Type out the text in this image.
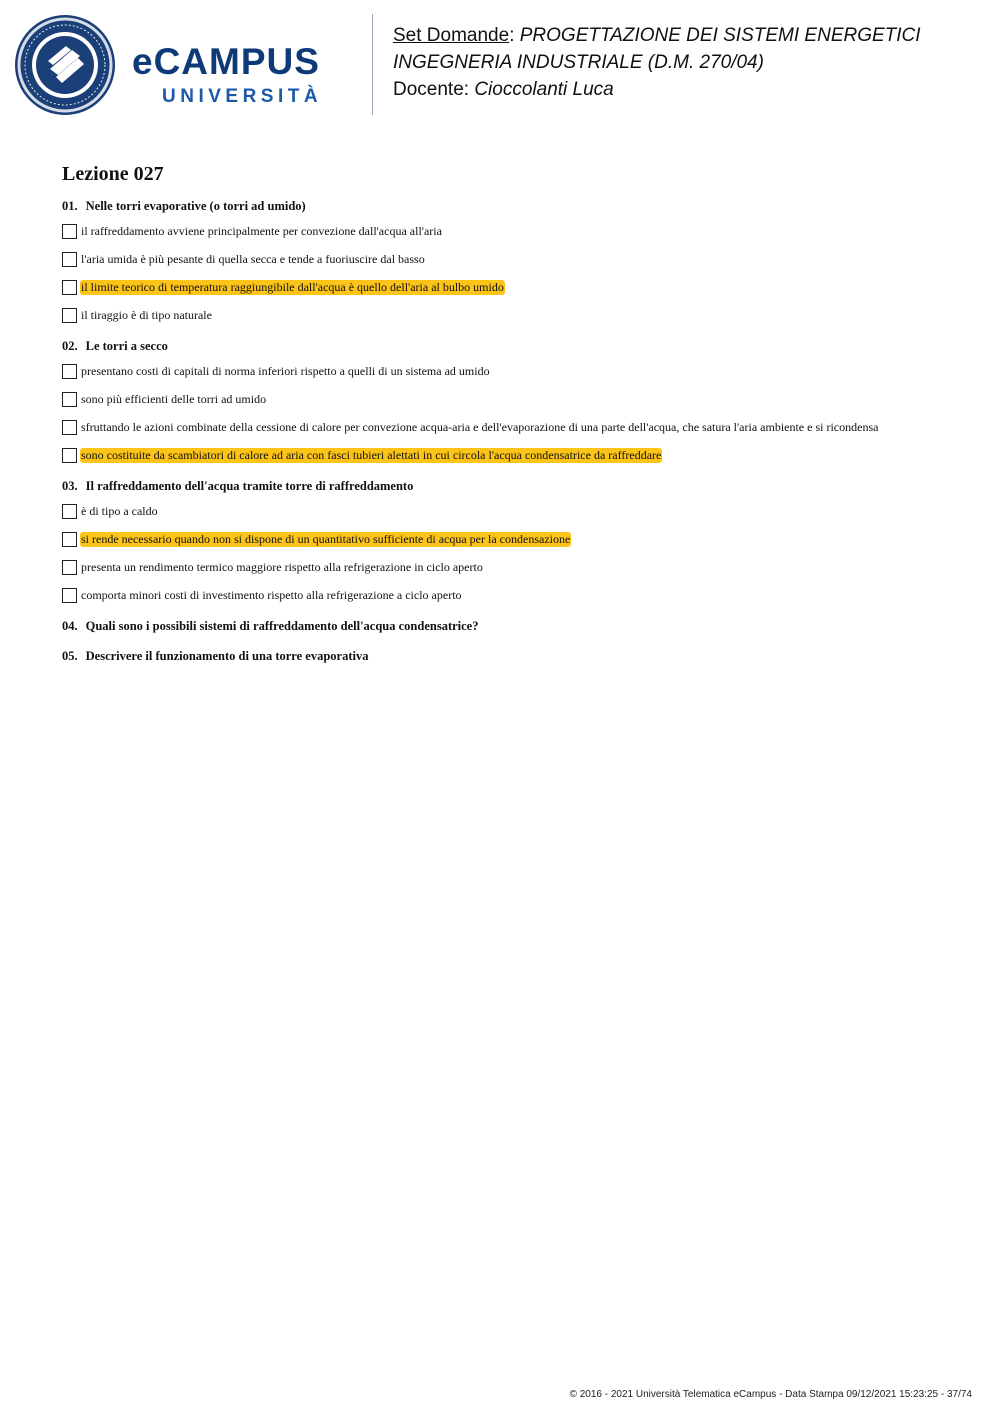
eCAMPUS
UNIVERSITÀ
Set Domande: PROGETTAZIONE DEI SISTEMI ENERGETICI
INGEGNERIA INDUSTRIALE (D.M. 270/04)
Docente: Cioccolanti Luca
Lezione 027
01. Nelle torri evaporative (o torri ad umido)
il raffreddamento avviene principalmente per convezione dall'acqua all'aria
l'aria umida è più pesante di quella secca e tende a fuoriuscire dal basso
il limite teorico di temperatura raggiungibile dall'acqua è quello dell'aria al bulbo umido
il tiraggio è di tipo naturale
02. Le torri a secco
presentano costi di capitali di norma inferiori rispetto a quelli di un sistema ad umido
sono più efficienti delle torri ad umido
sfruttando le azioni combinate della cessione di calore per convezione acqua-aria e dell'evaporazione di una parte dell'acqua, che satura l'aria ambiente e si ricondensa
sono costituite da scambiatori di calore ad aria con fasci tubieri alettati in cui circola l'acqua condensatrice da raffreddare
03. Il raffreddamento dell'acqua tramite torre di raffreddamento
è di tipo a caldo
si rende necessario quando non si dispone di un quantitativo sufficiente di acqua per la condensazione
presenta un rendimento termico maggiore rispetto alla refrigerazione in ciclo aperto
comporta minori costi di investimento rispetto alla refrigerazione a ciclo aperto
04. Quali sono i possibili sistemi di raffreddamento dell'acqua condensatrice?
05. Descrivere il funzionamento di una torre evaporativa
© 2016 - 2021 Università Telematica eCampus - Data Stampa 09/12/2021 15:23:25 - 37/74
